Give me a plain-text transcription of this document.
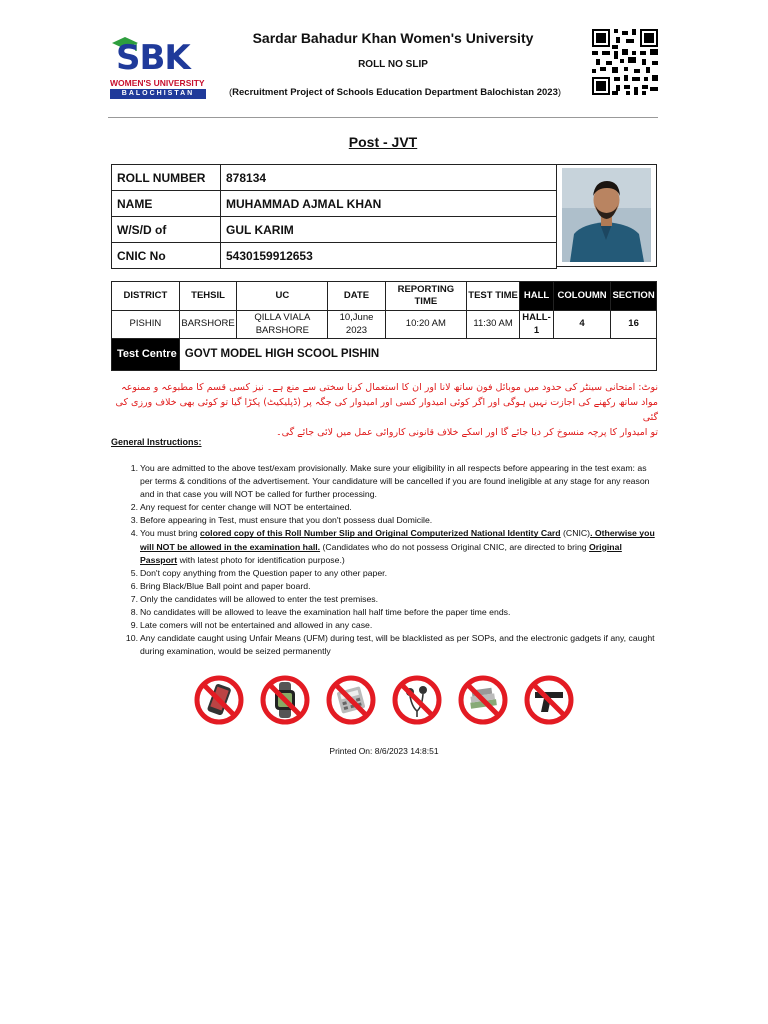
SBK
WOMEN'S UNIVERSITY
BALOCHISTAN
Sardar Bahadur Khan Women's University
ROLL NO SLIP
(Recruitment Project of Schools Education Department Balochistan 2023)
Post - JVT
ROLL NUMBER	878134
NAME	MUHAMMAD AJMAL KHAN
W/S/D of	GUL KARIM
CNIC No	5430159912653
DISTRICT	TEHSIL	UC	DATE	REPORTING TIME	TEST TIME	HALL	COLOUMN	SECTION
PISHIN	BARSHORE	QILLA VIALA BARSHORE	10,June 2023	10:20 AM	11:30 AM	HALL-1	4	16
Test Centre	GOVT MODEL HIGH SCOOL PISHIN							
نوٹ: امتحانی سینٹر کی حدود میں موبائل فون ساتھ لانا اور ان کا استعمال کرنا سختی سے منع ہے۔ نیز کسی قسم کا مطبوعہ و ممنوعہ
مواد ساتھ رکھنے کی اجازت نہیں ہوگی اور اگر کوئی امیدوار کسی اور امیدوار کی جگہ پر (ڈپلیکیٹ) پکڑا گیا تو کوئی بھی خلاف ورزی کی گئی
تو امیدوار کا پرچہ منسوخ کر دیا جائے گا اور اسکے خلاف قانونی کاروائی عمل میں لائی جائے گی۔
General Instructions:
1. You are admitted to the above test/exam provisionally. Make sure your eligibility in all respects before appearing in the test exam: as per terms & conditions of the advertisement. Your candidature will be cancelled if you are found ineligible at any stage for any reason and in that case you will NOT be called for further processing.
2. Any request for center change will NOT be entertained.
3. Before appearing in Test, must ensure that you don't possess dual Domicile.
4. You must bring colored copy of this Roll Number Slip and Original Computerized National Identity Card (CNIC). Otherwise you will NOT be allowed in the examination hall. (Candidates who do not possess Original CNIC, are directed to bring Original Passport with latest photo for identification purpose.)
5. Don't copy anything from the Question paper to any other paper.
6. Bring Black/Blue Ball point and paper board.
7. Only the candidates will be allowed to enter the test premises.
8. No candidates will be allowed to leave the examination hall half time before the paper time ends.
9. Late comers will not be entertained and allowed in any case.
10. Any candidate caught using Unfair Means (UFM) during test, will be blacklisted as per SOPs, and the electronic gadgets if any, caught during examination, would be seized permanently
Printed On: 8/6/2023 14:8:51
